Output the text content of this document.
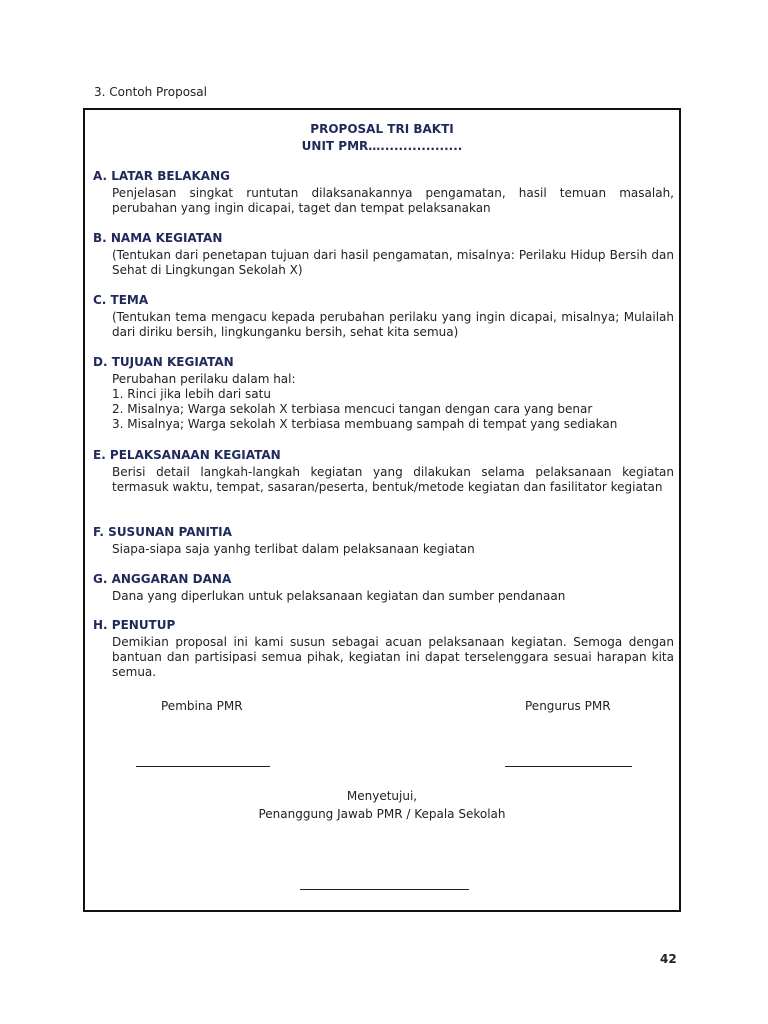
3. Contoh Proposal
PROPOSAL TRI BAKTI
UNIT PMR…..................
A. LATAR BELAKANG
Penjelasan singkat runtutan dilaksanakannya pengamatan, hasil temuan masalah, perubahan yang ingin dicapai, taget dan tempat pelaksanakan
B. NAMA KEGIATAN
(Tentukan dari penetapan tujuan dari hasil pengamatan, misalnya: Perilaku Hidup Bersih dan Sehat di Lingkungan Sekolah X)
C. TEMA
(Tentukan tema mengacu kepada perubahan perilaku yang ingin dicapai, misalnya; Mulailah dari diriku bersih, lingkunganku bersih, sehat kita semua)
D. TUJUAN KEGIATAN
Perubahan perilaku dalam hal:
1. Rinci jika lebih dari satu
2. Misalnya; Warga sekolah X terbiasa mencuci tangan dengan cara yang benar
3. Misalnya; Warga sekolah X terbiasa membuang sampah di tempat yang sediakan
E. PELAKSANAAN KEGIATAN
Berisi detail langkah-langkah kegiatan yang dilakukan selama pelaksanaan kegiatan termasuk waktu, tempat, sasaran/peserta, bentuk/metode kegiatan dan fasilitator kegiatan
F. SUSUNAN PANITIA
Siapa-siapa saja yanhg terlibat dalam pelaksanaan kegiatan
G. ANGGARAN DANA
Dana yang diperlukan untuk pelaksanaan kegiatan dan sumber pendanaan
H. PENUTUP
Demikian proposal ini kami susun sebagai acuan pelaksanaan kegiatan. Semoga dengan bantuan dan partisipasi semua pihak, kegiatan ini dapat terselenggara sesuai harapan kita semua.
Pembina PMR	Pengurus PMR
Menyetujui,
Penanggung Jawab PMR / Kepala Sekolah
42
